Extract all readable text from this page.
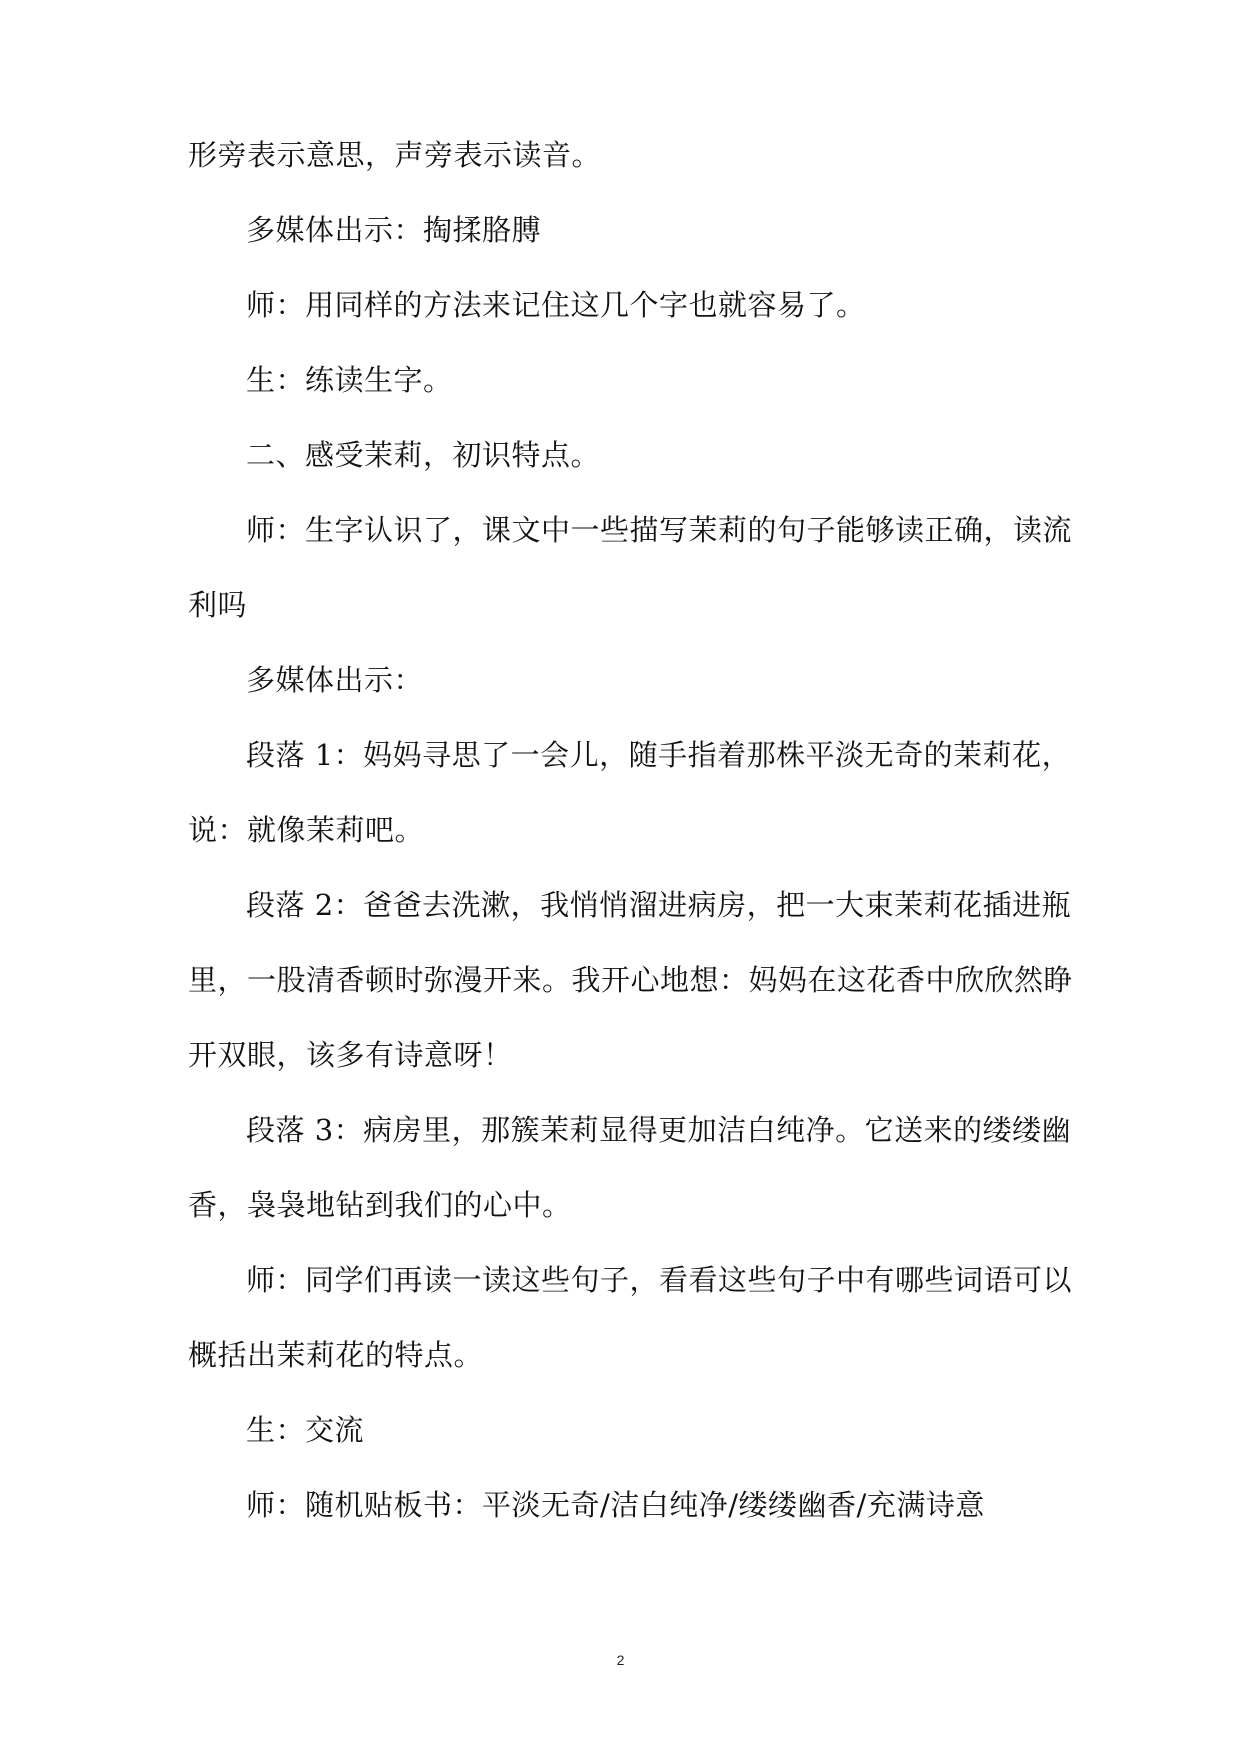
形旁表示意思，声旁表示读音。
多媒体出示：掏揉胳膊
师：用同样的方法来记住这几个字也就容易了。
生：练读生字。
二、感受茉莉，初识特点。
师：生字认识了，课文中一些描写茉莉的句子能够读正确，读流
利吗
多媒体出示：
段落 1：妈妈寻思了一会儿，随手指着那株平淡无奇的茉莉花，
说：就像茉莉吧。
段落 2：爸爸去洗漱，我悄悄溜进病房，把一大束茉莉花插进瓶
里，一股清香顿时弥漫开来。我开心地想：妈妈在这花香中欣欣然睁
开双眼，该多有诗意呀！
段落 3：病房里，那簇茉莉显得更加洁白纯净。它送来的缕缕幽
香，袅袅地钻到我们的心中。
师：同学们再读一读这些句子，看看这些句子中有哪些词语可以
概括出茉莉花的特点。
生：交流
师：随机贴板书：平淡无奇/洁白纯净/缕缕幽香/充满诗意
2
